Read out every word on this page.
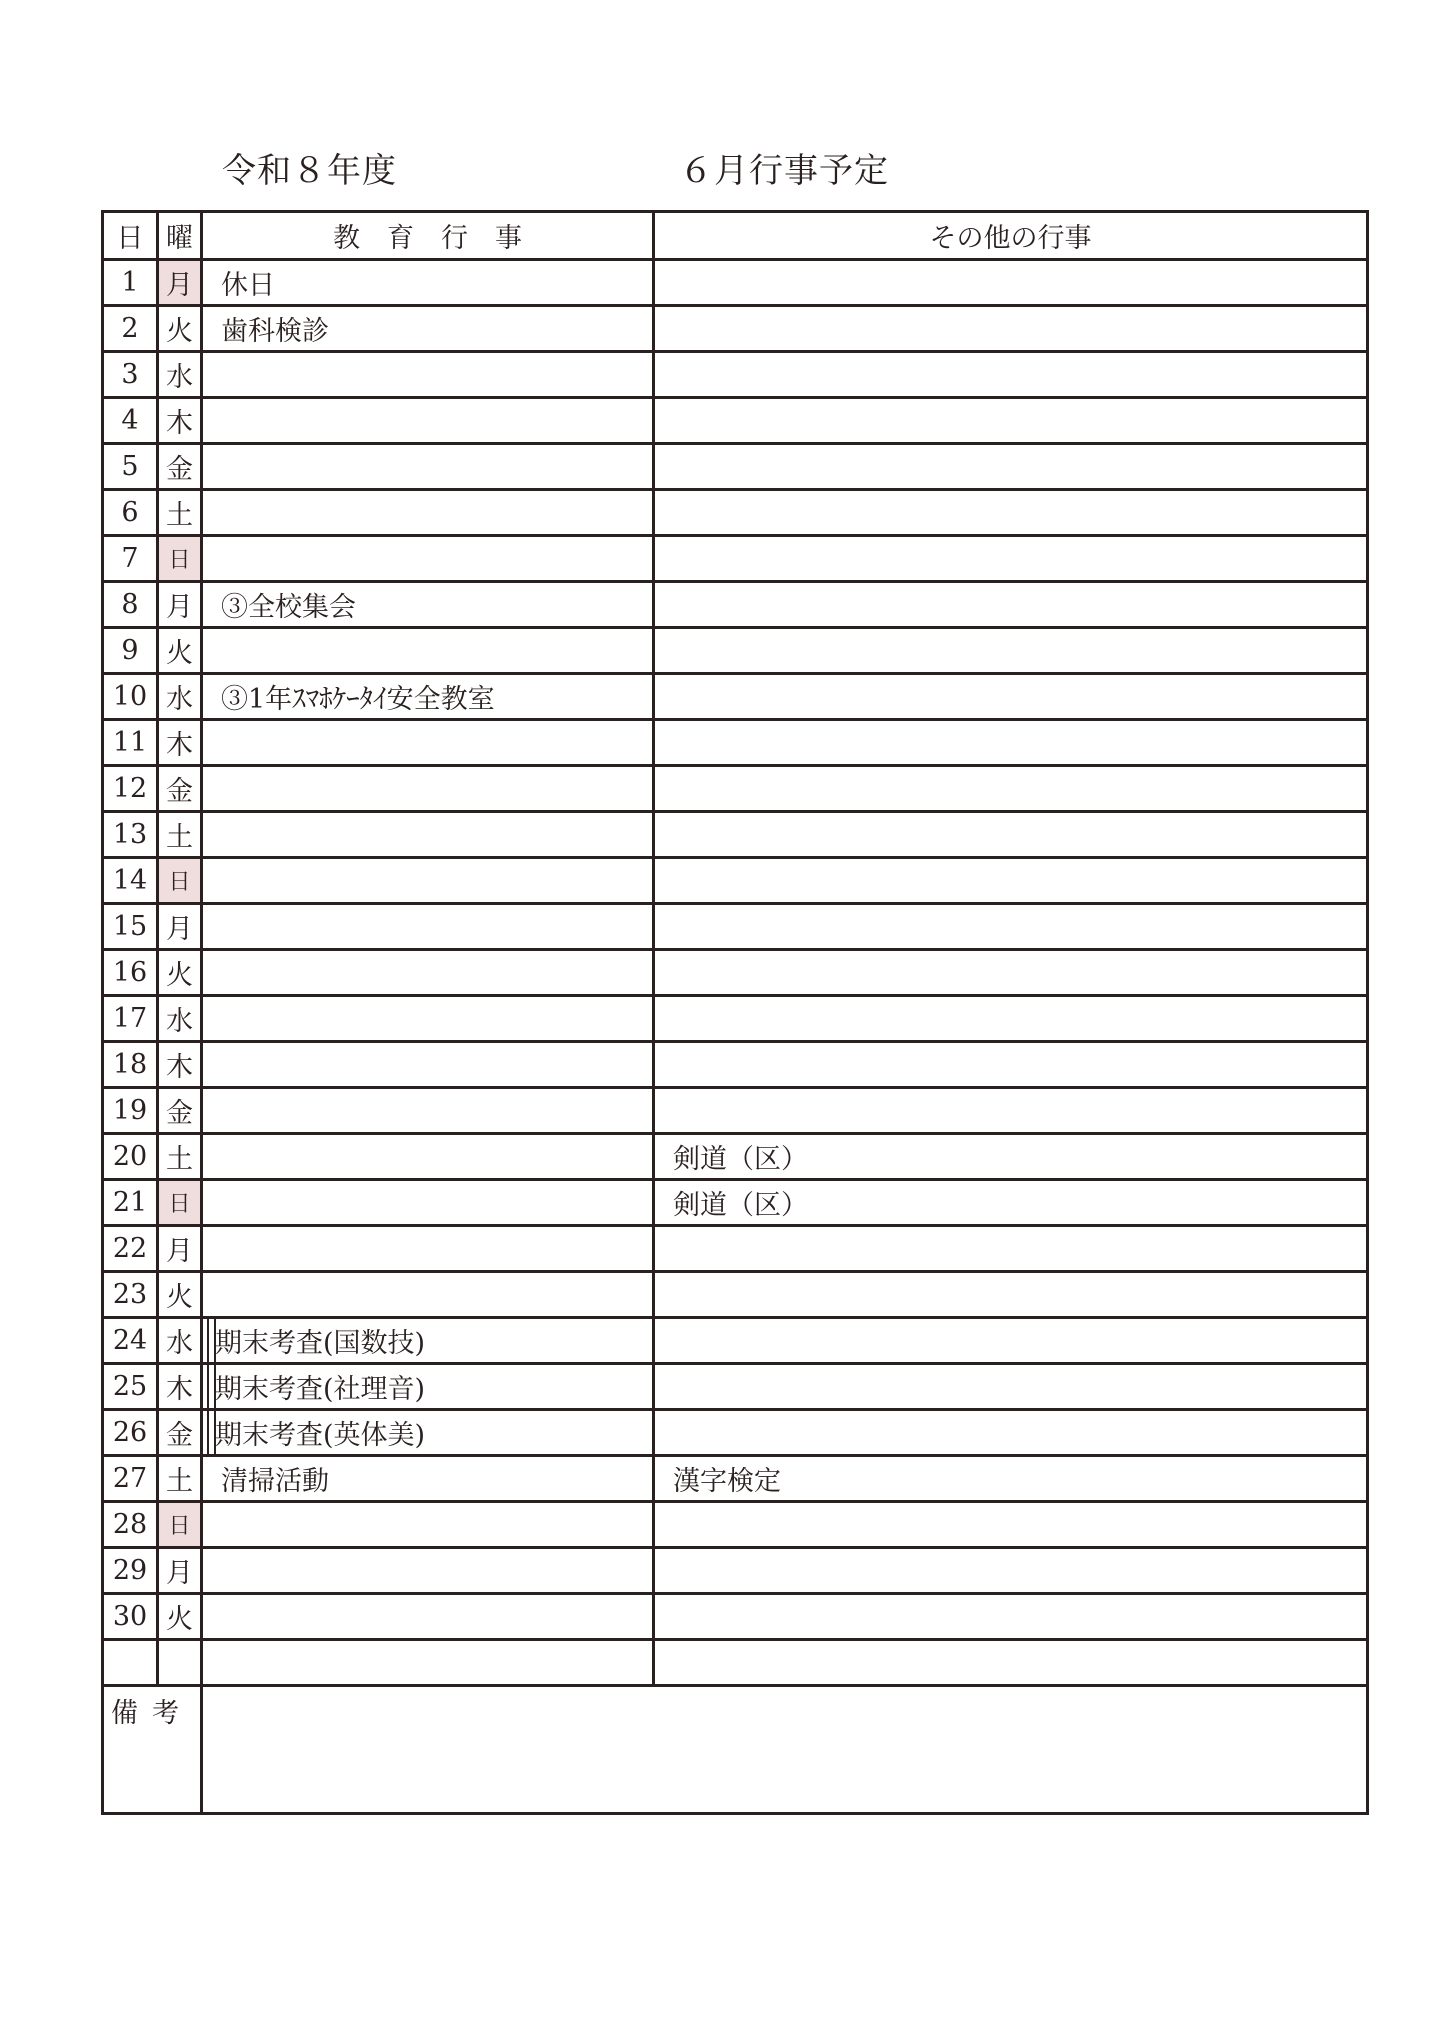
令和８年度	６月行事予定
日	曜	教　育　行　事	その他の行事
1	月	休日	
2	火	歯科検診	
3	水		
4	木		
5	金		
6	土		
7	日		
8	月	③全校集会	
9	火		
10	水	③1年ｽﾏﾎｹｰﾀｲ安全教室	
11	木		
12	金		
13	土		
14	日		
15	月		
16	火		
17	水		
18	木		
19	金		
20	土		剣道（区）
21	日		剣道（区）
22	月		
23	火		
24	水	期末考査(国数技)	
25	木	期末考査(社理音)	
26	金	期末考査(英体美)	
27	土	清掃活動	漢字検定
28	日		
29	月		
30	火		

備考			
